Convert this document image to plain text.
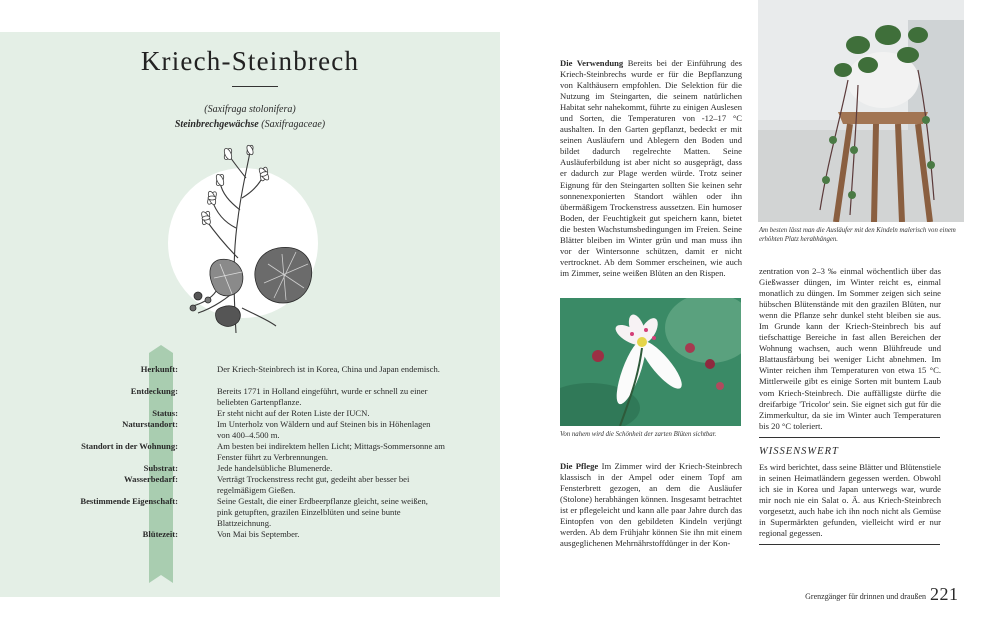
Kriech-Steinbrech
(Saxifraga stolonifera)
Steinbrechgewächse (Saxifragaceae)
Herkunft:	Der Kriech-Steinbrech ist in Korea, China und Japan endemisch.
Entdeckung:	Bereits 1771 in Holland eingeführt, wurde er schnell zu einer beliebten Gartenpflanze.
Status:	Er steht nicht auf der Roten Liste der IUCN.
Naturstandort:	Im Unterholz von Wäldern und auf Steinen bis in Höhenlagen von 400–4.500 m.
Standort in der Wohnung:	Am besten bei indirektem hellen Licht; Mittags-Sommersonne am Fenster führt zu Verbrennungen.
Substrat:	Jede handelsübliche Blumenerde.
Wasserbedarf:	Verträgt Trockenstress recht gut, gedeiht aber besser bei regelmäßigem Gießen.
Bestimmende Eigenschaft:	Seine Gestalt, die einer Erdbeerpflanze gleicht, seine weißen, pink getupften, grazilen Einzelblüten und seine bunte Blattzeichnung.
Blütezeit:	Von Mai bis September.
Die Verwendung Bereits bei der Einführung des Kriech-Steinbrechs wurde er für die Bepflanzung von Kalthäusern empfohlen. Die Selektion für die Nutzung im Steingarten, die seinem natürlichen Habitat sehr nahekommt, führte zu einigen Auslesen und Sorten, die Temperaturen von -12–17 °C aushalten. In den Garten gepflanzt, bedeckt er mit seinen Ausläufern und Ablegern den Boden und bildet dadurch regelrechte Matten. Seine Ausläuferbildung ist aber nicht so ausgeprägt, dass er dadurch zur Plage werden würde. Trotz seiner Eignung für den Steingarten sollten Sie keinen sehr sonnenexponierten Standort wählen oder ihn übermäßigem Trockenstress aussetzen. Ein humoser Boden, der Feuchtigkeit gut speichern kann, bietet die besten Wachstumsbedingungen im Freien. Seine Blätter bleiben im Winter grün und man muss ihn vor der Wintersonne schützen, damit er nicht vertrocknet. Ab dem Sommer erscheinen, wie auch im Zimmer, seine weißen Blüten an den Rispen.
Von nahem wird die Schönheit der zarten Blüten sichtbar.
Die Pflege Im Zimmer wird der Kriech-Steinbrech klassisch in der Ampel oder einem Topf am Fensterbrett gezogen, an dem die Ausläufer (Stolone) herabhängen können. Insgesamt betrachtet ist er pflegeleicht und kann alle paar Jahre durch das Eintopfen von den gebildeten Kindeln verjüngt werden. Ab dem Frühjahr können Sie ihn mit einem ausgeglichenen Mehrnährstoffdünger in der Kon-
Am besten lässt man die Ausläufer mit den Kindeln malerisch von einem erhöhten Platz herabhängen.
zentration von 2–3 ‰ einmal wöchentlich über das Gießwasser düngen, im Winter reicht es, einmal monatlich zu düngen. Im Sommer zeigen sich seine hübschen Blütenstände mit den grazilen Blüten, nur wenn die Pflanze sehr dunkel steht bleiben sie aus. Im Grunde kann der Kriech-Steinbrech bis auf tiefschattige Bereiche in fast allen Bereichen der Wohnung wachsen, auch wenn Blühfreude und Blattausfärbung bei weniger Licht abnehmen. Im Winter reichen ihm Temperaturen von etwa 15 °C. Mittlerweile gibt es einige Sorten mit buntem Laub vom Kriech-Steinbrech. Die auffälligste dürfte die dreifarbige 'Tricolor' sein. Sie eignet sich gut für die Zimmerkultur, da sie im Winter auch Temperaturen bis 20 °C toleriert.
WISSENSWERT
Es wird berichtet, dass seine Blätter und Blütenstiele in seinen Heimatländern gegessen werden. Obwohl ich sie in Korea und Japan unterwegs war, wurde mir noch nie ein Salat o. Ä. aus Kriech-Steinbrech vorgesetzt, auch habe ich ihn noch nicht als Gemüse in Supermärkten gefunden, vielleicht wird er nur regional gegessen.
Grenzgänger für drinnen und draußen 221
